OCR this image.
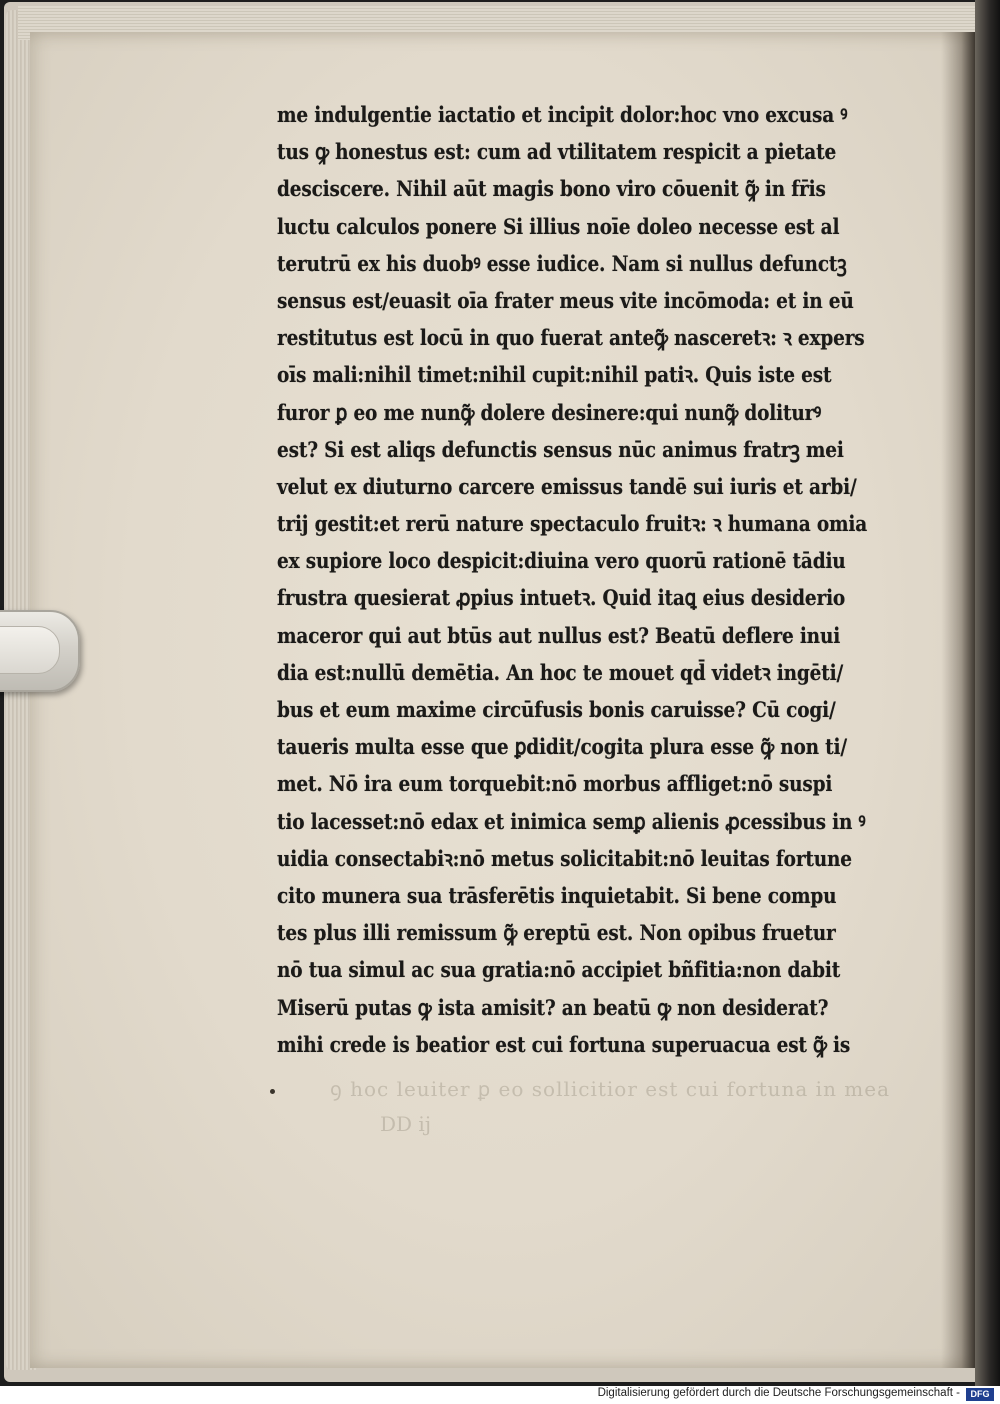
me indulgentie iactatio et incipit dolor:hoc vno excusa ꝰ
tus ꝙ honestus est: cum ad vtilitatem respicit a pietate
desciscere. Nihil aūt magis bono viro cōuenit ꝙ̃ in fr̄is
luctu calculos ponere Si illius noīe doleo necesse est al
terutrū ex his duobꝰ esse iudice. Nam si nullus defunctꝫ
sensus est/euasit oīa frater meus vite incōmoda: et in eū
restitutus est locū in quo fuerat anteꝙ̃ nasceretꝛ: ꝛ expers
oīs mali:nihil timet:nihil cupit:nihil patiꝛ. Quis iste est
furor ꝑ eo me nunꝙ̃ dolere desinere:qui nunꝙ̃ doliturꝰ
est? Si est aliqs defunctis sensus nūc animus fratrꝫ mei
velut ex diuturno carcere emissus tandē sui iuris et arbi/
trij gestit:et rerū nature spectaculo fruitꝛ: ꝛ humana omia
ex supiore loco despicit:diuina vero quorū rationē tādiu
frustra quesierat ꝓpius intuetꝛ. Quid itaꝗ eius desiderio
maceror qui aut btūs aut nullus est? Beatū deflere inui
dia est:nullū demētia. An hoc te mouet qd̄ videtꝛ ingēti/
bus et eum maxime circūfusis bonis caruisse? Cū cogi/
taueris multa esse que ꝑdidit/cogita plura esse ꝙ̃ non ti/
met. Nō ira eum torquebit:nō morbus affliget:nō suspi
tio lacesset:nō edax et inimica semꝑ alienis ꝓcessibus in ꝰ
uidia consectabiꝛ:nō metus solicitabit:nō leuitas fortune
cito munera sua trāsferētis inquietabit. Si bene compu
tes plus illi remissum ꝙ̃ ereptū est. Non opibus fruetur
nō tua simul ac sua gratia:nō accipiet bñfitia:non dabit
Miserū putas ꝙ ista amisit? an beatū ꝙ non desiderat?
mihi crede is beatior est cui fortuna superuacua est ꝙ̃ is
ꝯ hoc leuiter ꝑ eo sollicitior est cui fortuna in mea
DD ij
Digitalisierung gefördert durch die Deutsche Forschungsgemeinschaft -	DFG
